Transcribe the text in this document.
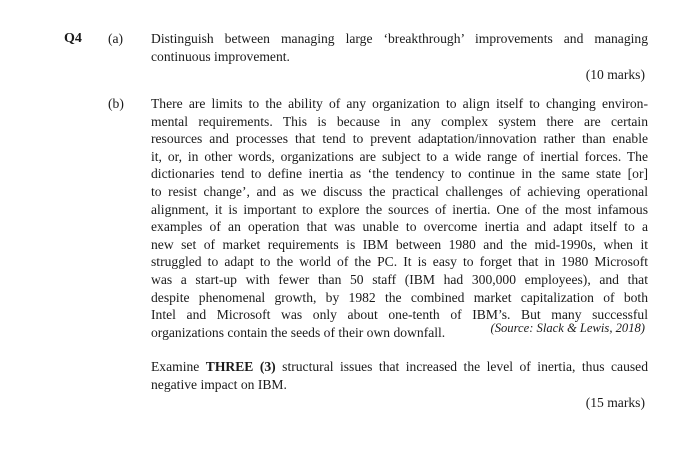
Q4 (a) Distinguish between managing large ‘breakthrough’ improvements and managing
continuous improvement.
(10 marks)
(b) There are limits to the ability of any organization to align itself to changing environ-
mental requirements. This is because in any complex system there are certain
resources and processes that tend to prevent adaptation/innovation rather than enable
it, or, in other words, organizations are subject to a wide range of inertial forces. The
dictionaries tend to define inertia as ‘the tendency to continue in the same state [or]
to resist change’, and as we discuss the practical challenges of achieving operational
alignment, it is important to explore the sources of inertia. One of the most infamous
examples of an operation that was unable to overcome inertia and adapt itself to a
new set of market requirements is IBM between 1980 and the mid-1990s, when it
struggled to adapt to the world of the PC. It is easy to forget that in 1980 Microsoft
was a start-up with fewer than 50 staff (IBM had 300,000 employees), and that
despite phenomenal growth, by 1982 the combined market capitalization of both
Intel and Microsoft was only about one-tenth of IBM’s. But many successful
organizations contain the seeds of their own downfall.	(Source: Slack & Lewis, 2018)
Examine THREE (3) structural issues that increased the level of inertia, thus caused
negative impact on IBM.
(15 marks)
